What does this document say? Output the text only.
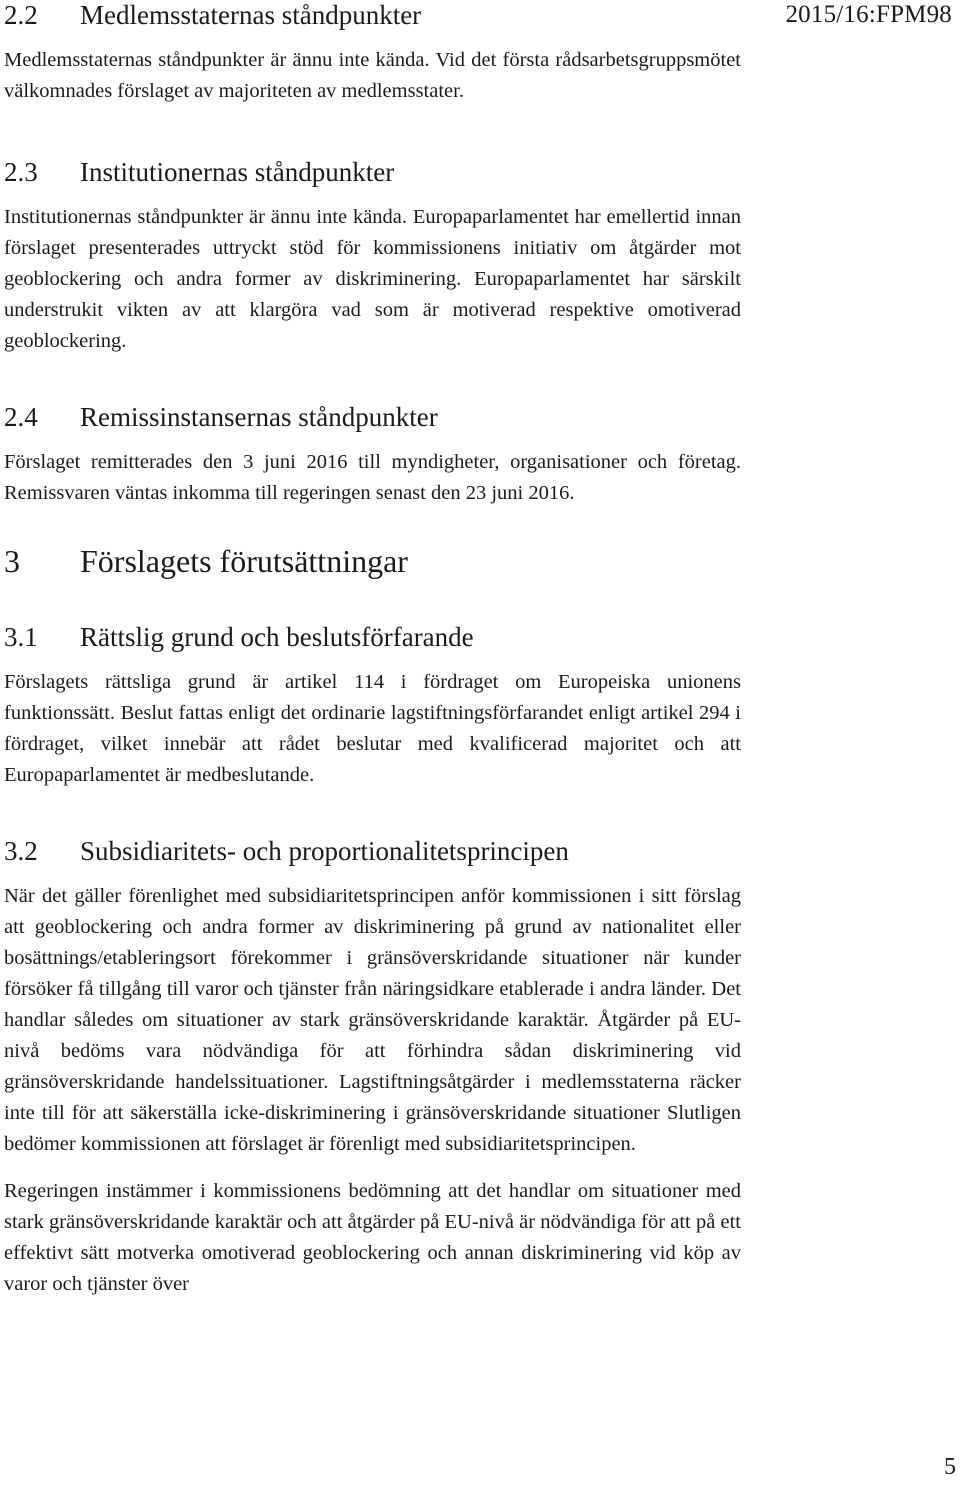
2015/16:FPM98
2.2	Medlemsstaternas ståndpunkter

Medlemsstaternas ståndpunkter är ännu inte kända. Vid det första rådsarbetsgruppsmötet välkomnades förslaget av majoriteten av medlemsstater.

2.3	Institutionernas ståndpunkter

Institutionernas ståndpunkter är ännu inte kända. Europaparlamentet har emellertid innan förslaget presenterades uttryckt stöd för kommissionens initiativ om åtgärder mot geoblockering och andra former av diskriminering. Europaparlamentet har särskilt understrukit vikten av att klargöra vad som är motiverad respektive omotiverad geoblockering.

2.4	Remissinstansernas ståndpunkter

Förslaget remitterades den 3 juni 2016 till myndigheter, organisationer och företag. Remissvaren väntas inkomma till regeringen senast den 23 juni 2016.

3	Förslagets förutsättningar
3.1	Rättslig grund och beslutsförfarande

Förslagets rättsliga grund är artikel 114 i fördraget om Europeiska unionens funktionssätt. Beslut fattas enligt det ordinarie lagstiftningsförfarandet enligt artikel 294 i fördraget, vilket innebär att rådet beslutar med kvalificerad majoritet och att Europaparlamentet är medbeslutande.

3.2	Subsidiaritets- och proportionalitetsprincipen

När det gäller förenlighet med subsidiaritetsprincipen anför kommissionen i sitt förslag att geoblockering och andra former av diskriminering på grund av nationalitet eller bosättnings/etableringsort förekommer i gränsöverskridande situationer när kunder försöker få tillgång till varor och tjänster från näringsidkare etablerade i andra länder. Det handlar således om situationer av stark gränsöverskridande karaktär. Åtgärder på EU-nivå bedöms vara nödvändiga för att förhindra sådan diskriminering vid gränsöverskridande handelssituationer. Lagstiftningsåtgärder i medlemsstaterna räcker inte till för att säkerställa icke-diskriminering i gränsöverskridande situationer Slutligen bedömer kommissionen att förslaget är förenligt med subsidiaritetsprincipen.

Regeringen instämmer i kommissionens bedömning att det handlar om situationer med stark gränsöverskridande karaktär och att åtgärder på EU-nivå är nödvändiga för att på ett effektivt sätt motverka omotiverad geoblockering och annan diskriminering vid köp av varor och tjänster över

5
